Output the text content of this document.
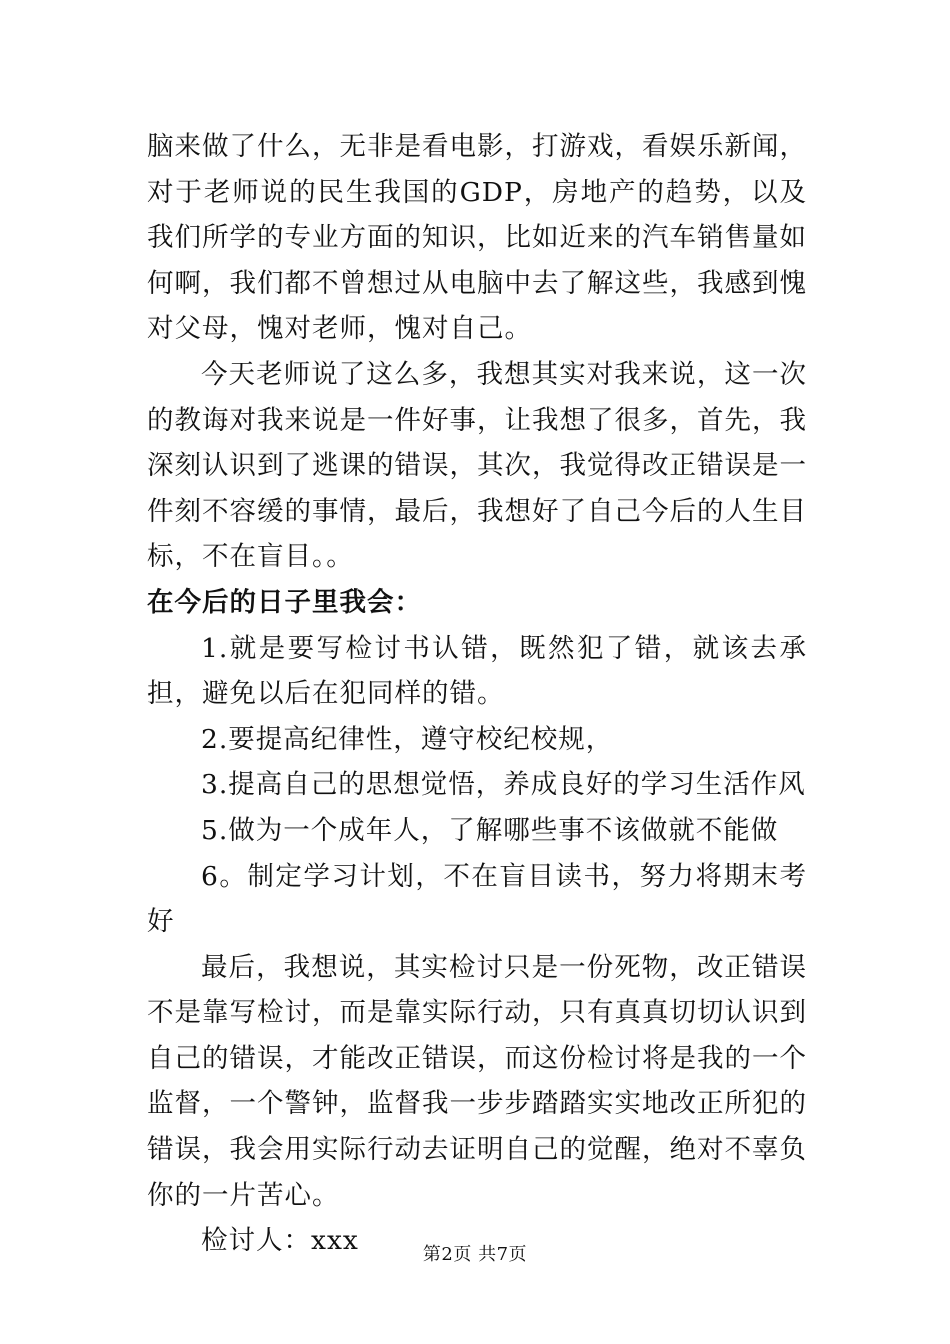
脑来做了什么，无非是看电影，打游戏，看娱乐新闻，对于老师说的民生我国的GDP，房地产的趋势，以及我们所学的专业方面的知识，比如近来的汽车销售量如何啊，我们都不曾想过从电脑中去了解这些，我感到愧对父母，愧对老师，愧对自己。

今天老师说了这么多，我想其实对我来说，这一次的教诲对我来说是一件好事，让我想了很多，首先，我深刻认识到了逃课的错误，其次，我觉得改正错误是一件刻不容缓的事情，最后，我想好了自己今后的人生目标，不在盲目。。

在今后的日子里我会：

1.就是要写检讨书认错，既然犯了错，就该去承担，避免以后在犯同样的错。

2.要提高纪律性，遵守校纪校规，

3.提高自己的思想觉悟，养成良好的学习生活作风

5.做为一个成年人，了解哪些事不该做就不能做

6。制定学习计划，不在盲目读书，努力将期末考好

最后，我想说，其实检讨只是一份死物，改正错误不是靠写检讨，而是靠实际行动，只有真真切切认识到自己的错误，才能改正错误，而这份检讨将是我的一个监督，一个警钟，监督我一步步踏踏实实地改正所犯的错误，我会用实际行动去证明自己的觉醒，绝对不辜负你的一片苦心。

检讨人：xxx	第2页 共7页
